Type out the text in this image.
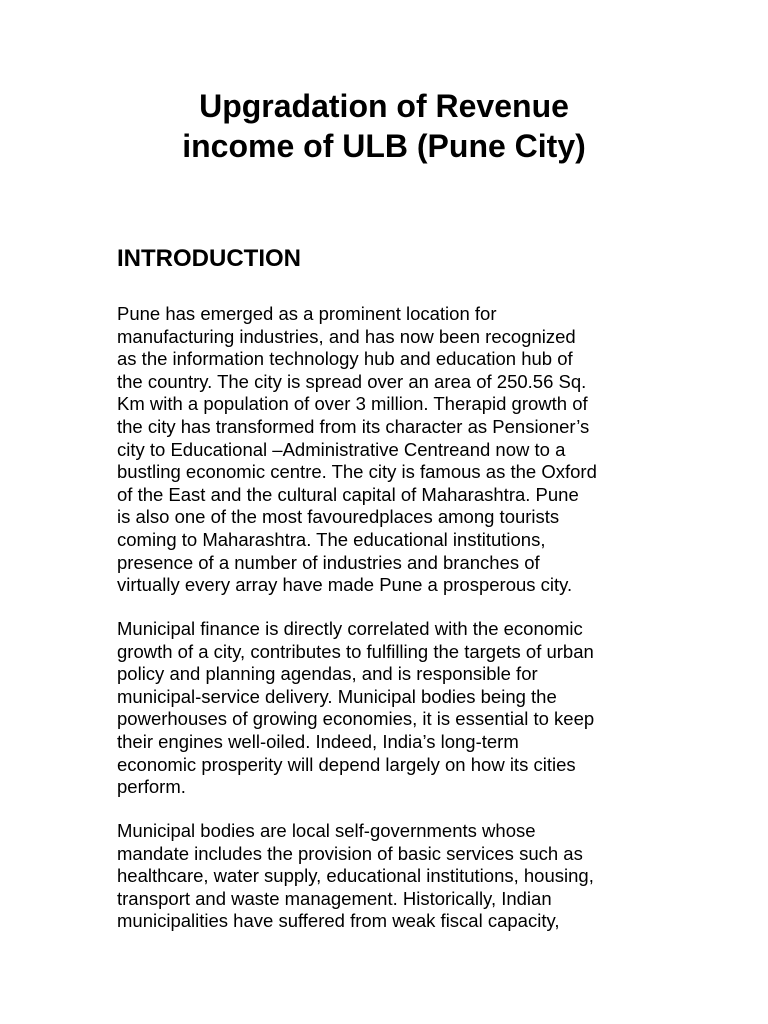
Upgradation of Revenue
income of ULB (Pune City)
INTRODUCTION

Pune has emerged as a prominent location for
manufacturing industries, and has now been recognized
as the information technology hub and education hub of
the country. The city is spread over an area of 250.56 Sq.
Km with a population of over 3 million. Therapid growth of
the city has transformed from its character as Pensioner’s
city to Educational –Administrative Centreand now to a
bustling economic centre. The city is famous as the Oxford
of the East and the cultural capital of Maharashtra. Pune
is also one of the most favouredplaces among tourists
coming to Maharashtra. The educational institutions,
presence of a number of industries and branches of
virtually every array have made Pune a prosperous city.

Municipal finance is directly correlated with the economic
growth of a city, contributes to fulfilling the targets of urban
policy and planning agendas, and is responsible for
municipal-service delivery. Municipal bodies being the
powerhouses of growing economies, it is essential to keep
their engines well-oiled. Indeed, India’s long-term
economic prosperity will depend largely on how its cities
perform.

Municipal bodies are local self-governments whose
mandate includes the provision of basic services such as
healthcare, water supply, educational institutions, housing,
transport and waste management. Historically, Indian
municipalities have suffered from weak fiscal capacity,
